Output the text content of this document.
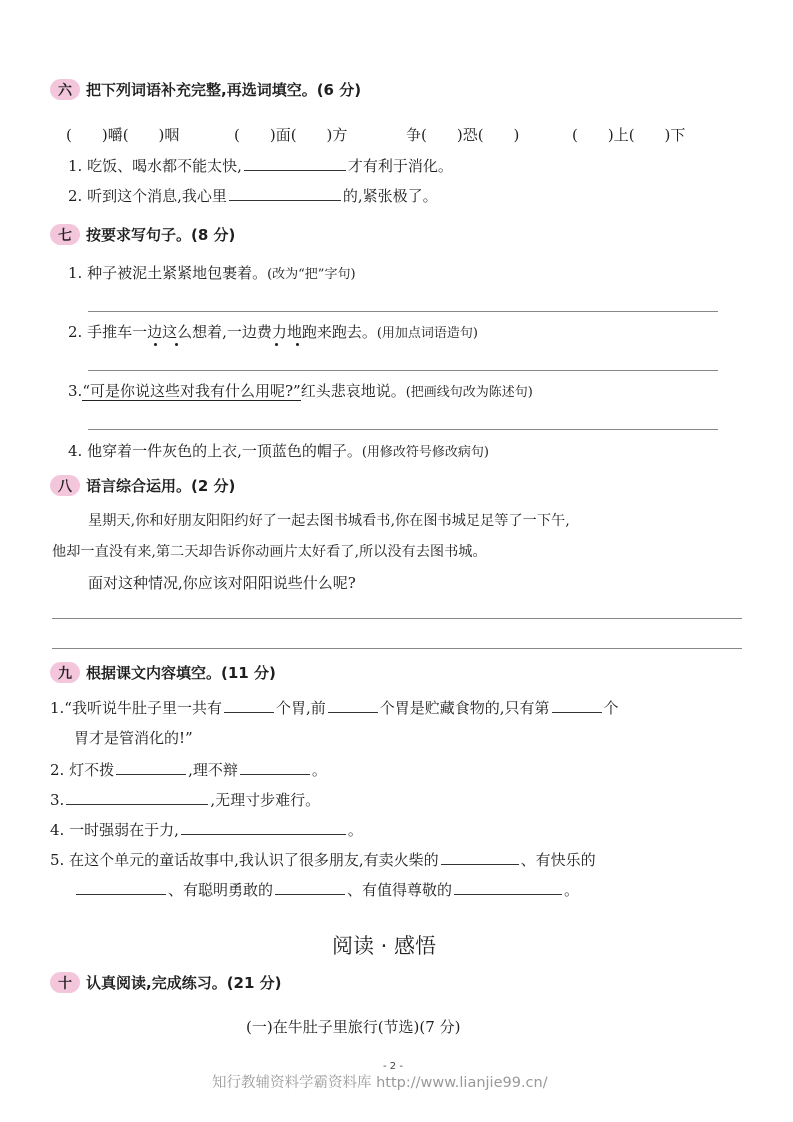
六 把下列词语补充完整,再选词填空。(6 分)
(　　)嚼(　　)咽	(　　)面(　　)方	争(　　)恐(　　)	(　　)上(　　)下
1. 吃饭、喝水都不能太快,	才有利于消化。
2. 听到这个消息,我心里	的,紧张极了。
七 按要求写句子。(8 分)
1. 种子被泥土紧紧地包裹着。(改为“把”字句)
2. 手推车一边这么想着,一边费力地跑来跑去。(用加点词语造句)
3.“可是你说这些对我有什么用呢?”红头悲哀地说。(把画线句改为陈述句)
4. 他穿着一件灰色的上衣,一顶蓝色的帽子。(用修改符号修改病句)
八 语言综合运用。(2 分)
星期天,你和好朋友阳阳约好了一起去图书城看书,你在图书城足足等了一下午,
他却一直没有来,第二天却告诉你动画片太好看了,所以没有去图书城。
面对这种情况,你应该对阳阳说些什么呢?
九 根据课文内容填空。(11 分)
1.“我听说牛肚子里一共有	个胃,前	个胃是贮藏食物的,只有第	个
胃才是管消化的!”
2. 灯不拨	,理不辩	。
3.	,无理寸步难行。
4. 一时强弱在于力,	。
5. 在这个单元的童话故事中,我认识了很多朋友,有卖火柴的	、有快乐的
、有聪明勇敢的	、有值得尊敬的	。
阅读 · 感悟
十 认真阅读,完成练习。(21 分)
(一)在牛肚子里旅行(节选)(7 分)
- 2 -
知行教辅资料学霸资料库 http://www.lianjie99.cn/
